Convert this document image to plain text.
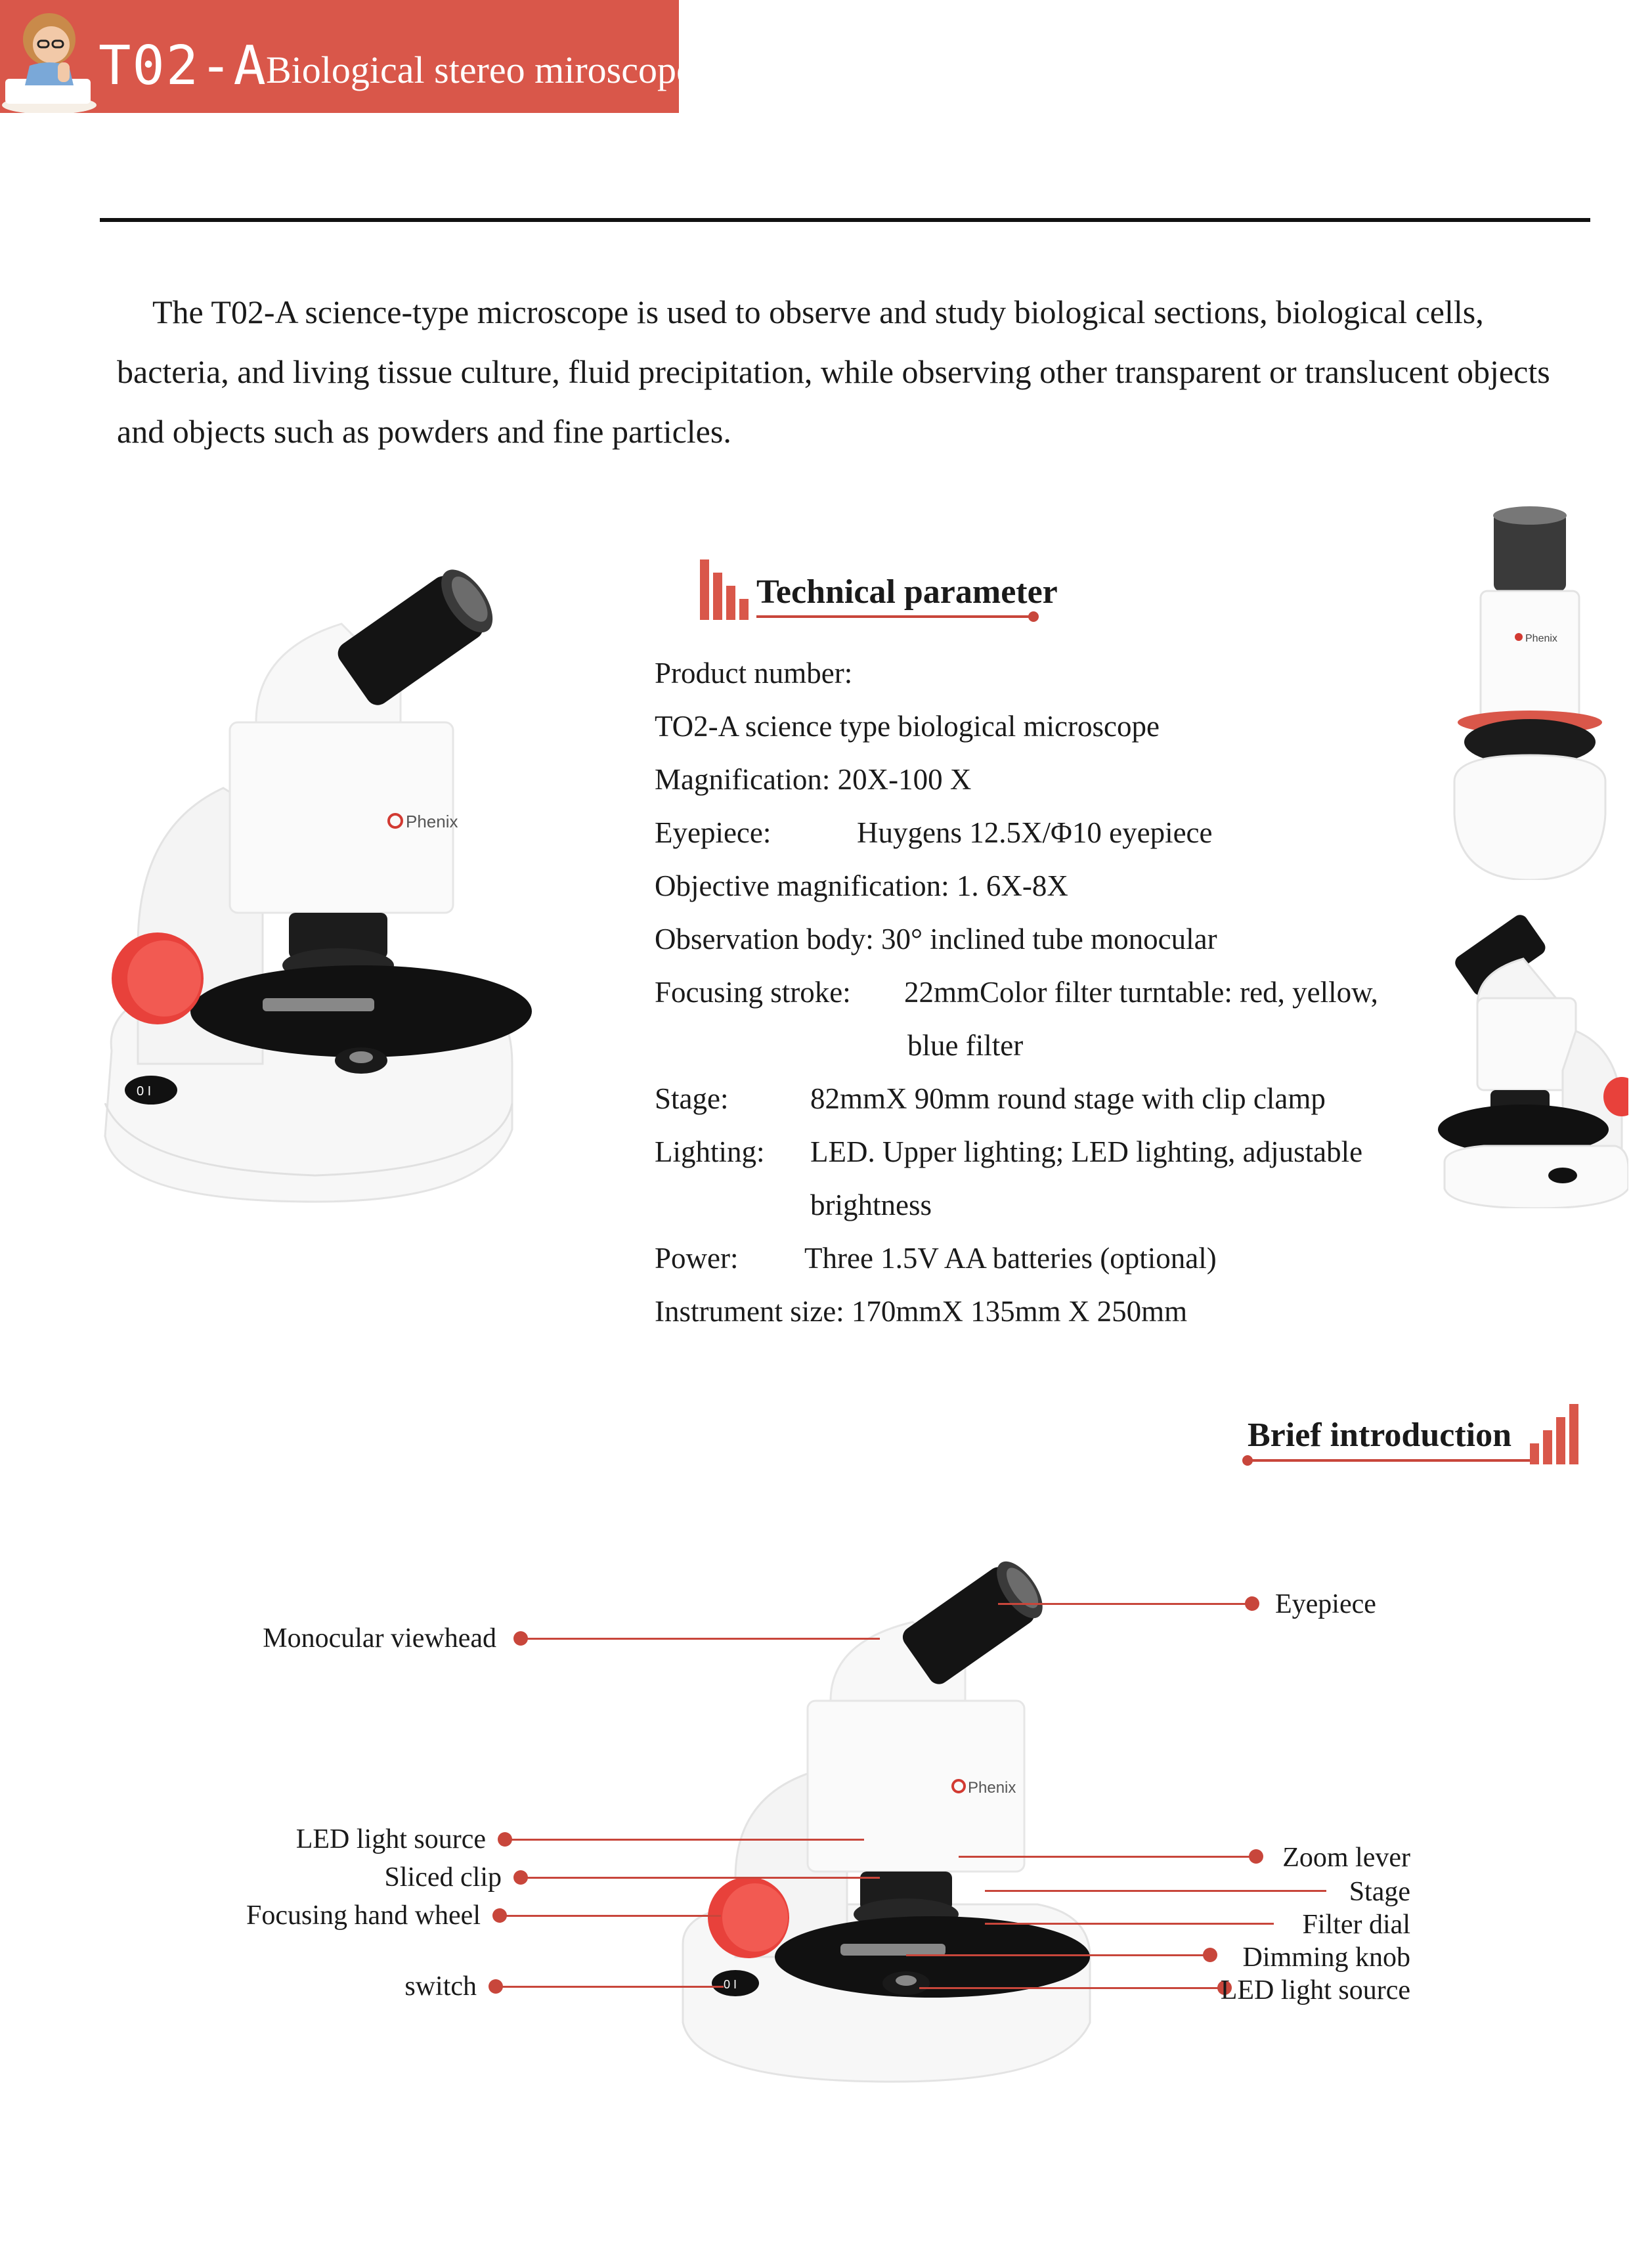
T02-A
Biological stereo miroscope

The T02-A science-type microscope is used to observe and study biological sections, biological cells, bacteria, and living tissue culture, fluid precipitation, while observing other transparent or translucent objects and objects such as powders and fine particles.

Phenix
0 I
Technical parameter
Product number:
TO2-A science type biological microscope
Magnification: 20X-100 X
Eyepiece:	Huygens 12.5X/Φ10 eyepiece
Objective magnification: 1. 6X-8X
Observation body: 30° inclined tube monocular
Focusing stroke: 22mmColor filter turntable: red, yellow,
blue filter
Stage:	82mmX 90mm round stage with clip clamp
Lighting: LED. Upper lighting; LED lighting, adjustable
brightness
Power: Three 1.5V AA batteries (optional)
Instrument size: 170mmX 135mm X 250mm
Phenix
Brief introduction
Phenix
0 I
Monocular viewhead
LED light source
Sliced clip
Focusing hand wheel
switch
Eyepiece
Zoom lever
Stage
Filter dial
Dimming knob
LED light source
